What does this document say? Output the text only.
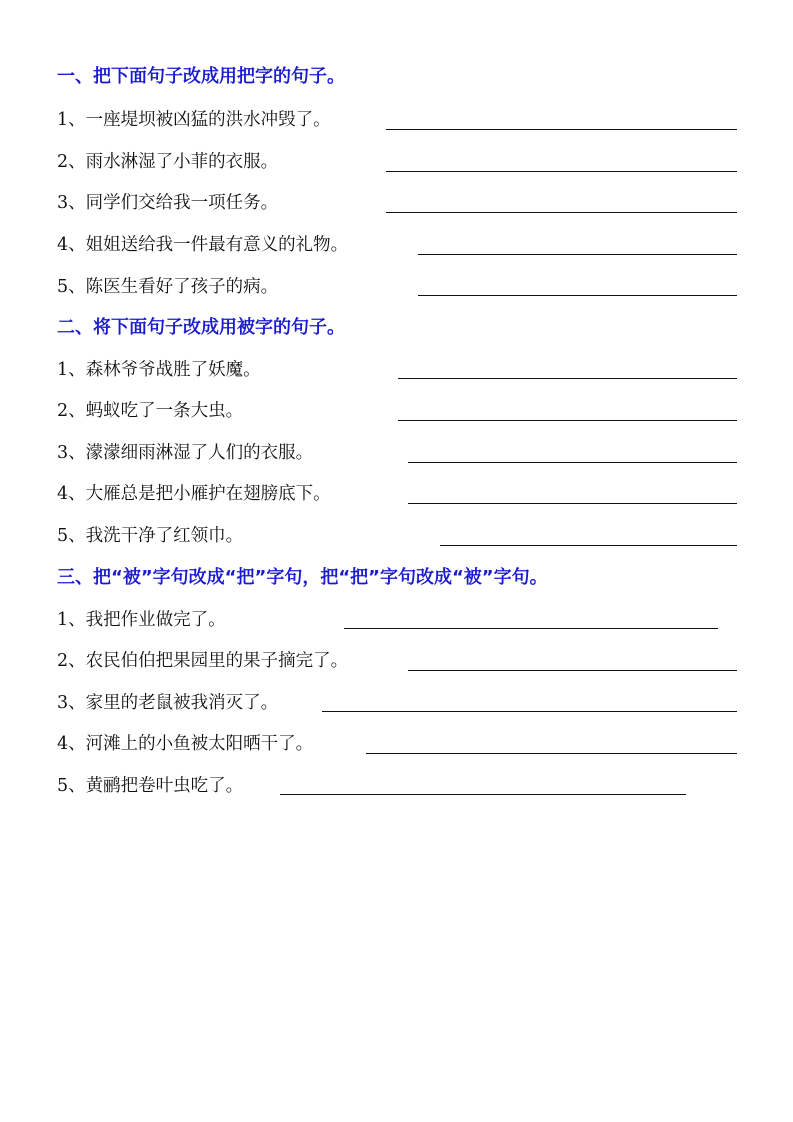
一、把下面句子改成用把字的句子。
1、一座堤坝被凶猛的洪水冲毁了。
2、雨水淋湿了小菲的衣服。
3、同学们交给我一项任务。
4、姐姐送给我一件最有意义的礼物。
5、陈医生看好了孩子的病。
二、将下面句子改成用被字的句子。
1、森林爷爷战胜了妖魔。
2、蚂蚁吃了一条大虫。
3、濛濛细雨淋湿了人们的衣服。
4、大雁总是把小雁护在翅膀底下。
5、我洗干净了红领巾。
三、把“被”字句改成“把”字句，把“把”字句改成“被”字句。
1、我把作业做完了。
2、农民伯伯把果园里的果子摘完了。
3、家里的老鼠被我消灭了。
4、河滩上的小鱼被太阳晒干了。
5、黄鹂把卷叶虫吃了。
